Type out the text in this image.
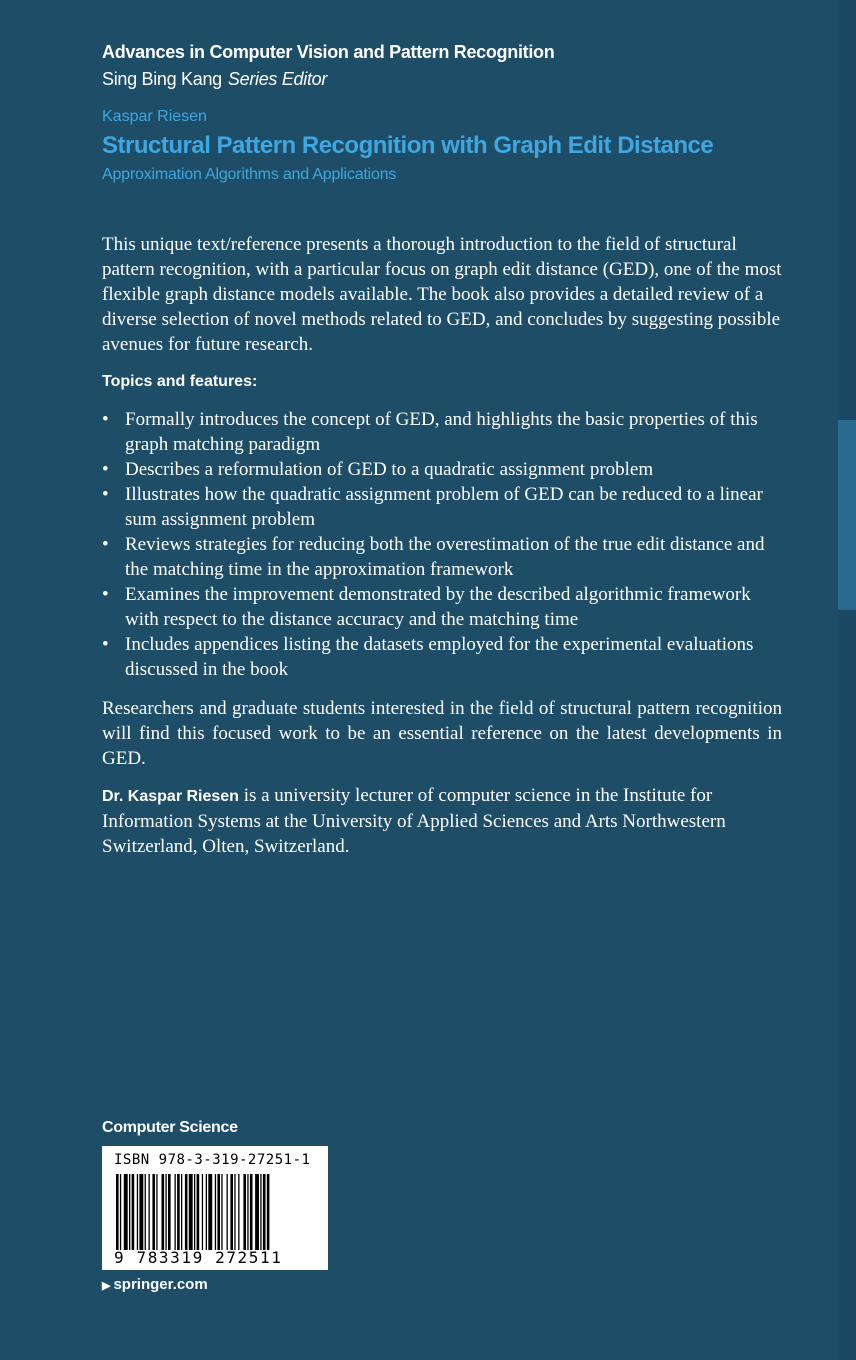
Advances in Computer Vision and Pattern Recognition
Sing Bing Kang Series Editor
Kaspar Riesen
Structural Pattern Recognition with Graph Edit Distance
Approximation Algorithms and Applications

This unique text/reference presents a thorough introduction to the field of structural pattern recognition, with a particular focus on graph edit distance (GED), one of the most flexible graph distance models available. The book also provides a detailed review of a diverse selection of novel methods related to GED, and concludes by suggesting possible avenues for future research.

Topics and features:
• Formally introduces the concept of GED, and highlights the basic properties of this graph matching paradigm
• Describes a reformulation of GED to a quadratic assignment problem
• Illustrates how the quadratic assignment problem of GED can be reduced to a linear sum assignment problem
• Reviews strategies for reducing both the overestimation of the true edit distance and the matching time in the approximation framework
• Examines the improvement demonstrated by the described algorithmic framework with respect to the distance accuracy and the matching time
• Includes appendices listing the datasets employed for the experimental evaluations discussed in the book

Researchers and graduate students interested in the field of structural pattern recognition will find this focused work to be an essential reference on the latest developments in GED.

Dr. Kaspar Riesen is a university lecturer of computer science in the Institute for Information Systems at the University of Applied Sciences and Arts Northwestern Switzerland, Olten, Switzerland.

Computer Science
ISBN 978-3-319-27251-1
9 783319 272511
▶ springer.com
